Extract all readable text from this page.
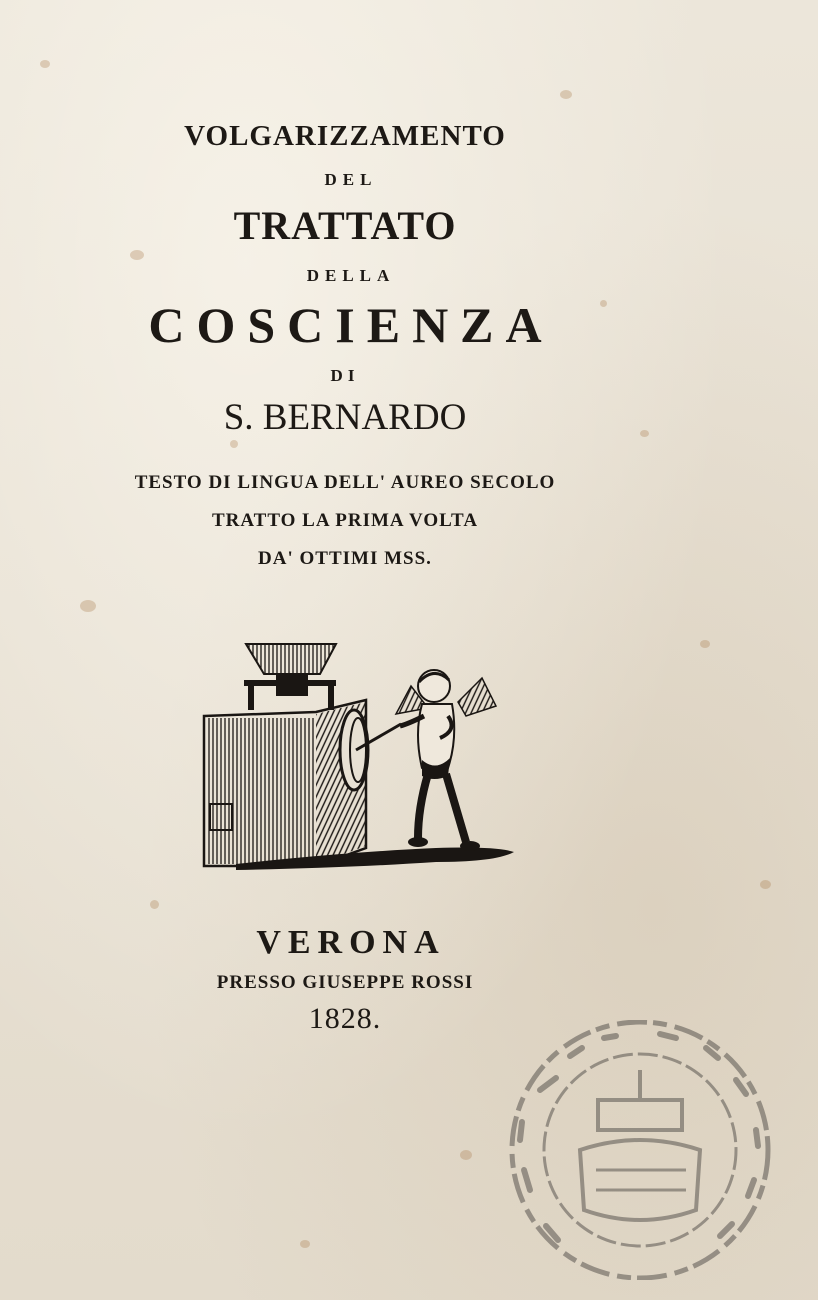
VOLGARIZZAMENTO
DEL
TRATTATO
DELLA
COSCIENZA
DI
S. BERNARDO
TESTO DI LINGUA DELL' AUREO SECOLO
TRATTO LA PRIMA VOLTA
DA' OTTIMI MSS.
VERONA
PRESSO GIUSEPPE ROSSI
1828.
